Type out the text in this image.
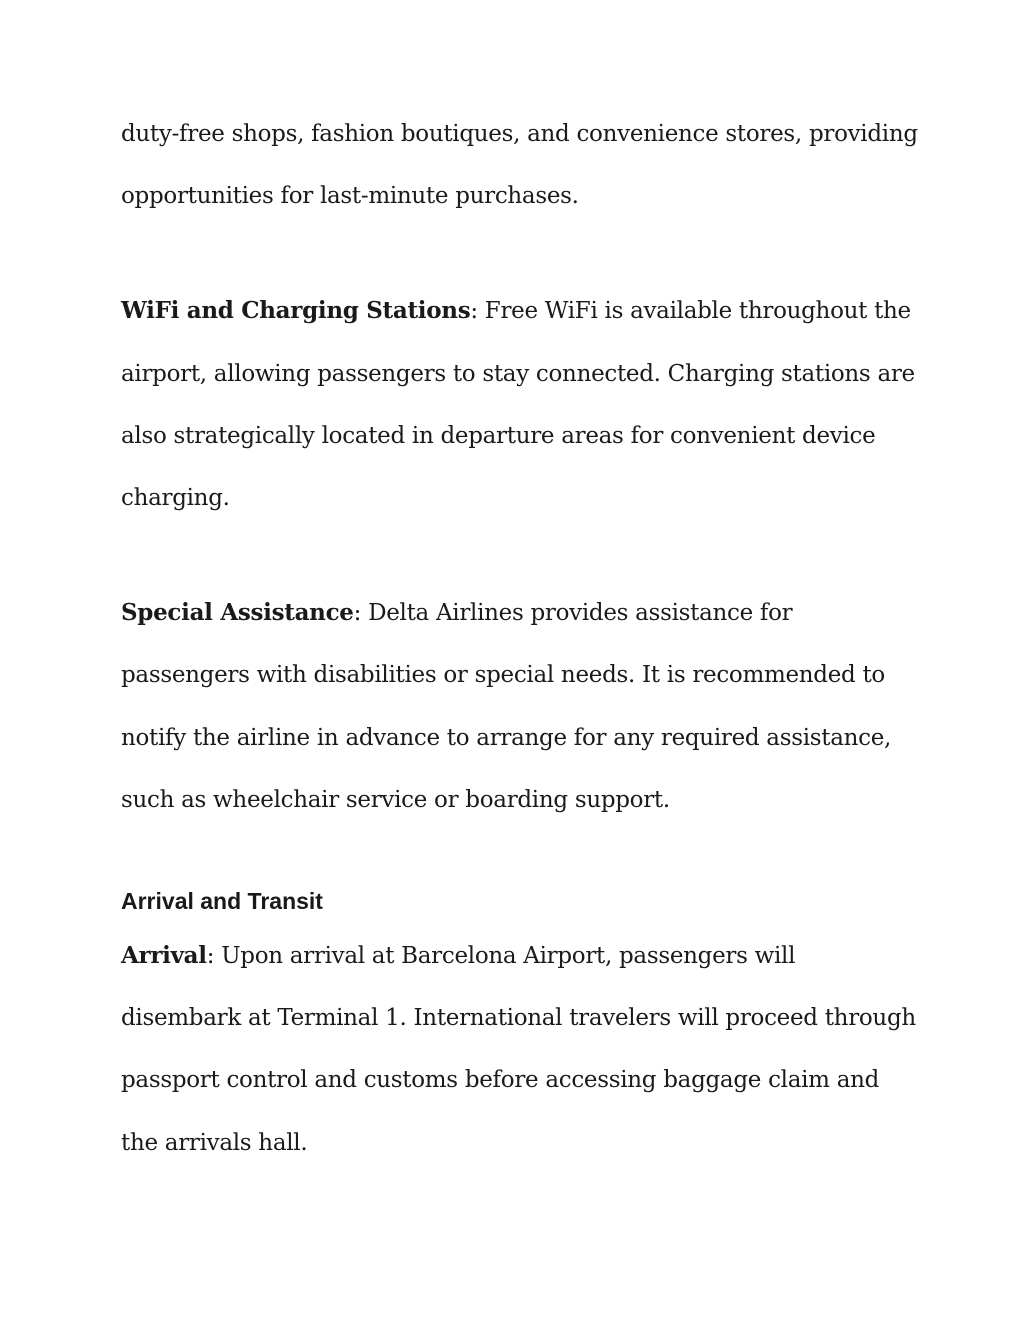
duty-free shops, fashion boutiques, and convenience stores, providing opportunities for last-minute purchases.

WiFi and Charging Stations: Free WiFi is available throughout the airport, allowing passengers to stay connected. Charging stations are also strategically located in departure areas for convenient device charging.

Special Assistance: Delta Airlines provides assistance for passengers with disabilities or special needs. It is recommended to notify the airline in advance to arrange for any required assistance, such as wheelchair service or boarding support.

Arrival and Transit

Arrival: Upon arrival at Barcelona Airport, passengers will disembark at Terminal 1. International travelers will proceed through passport control and customs before accessing baggage claim and the arrivals hall.
